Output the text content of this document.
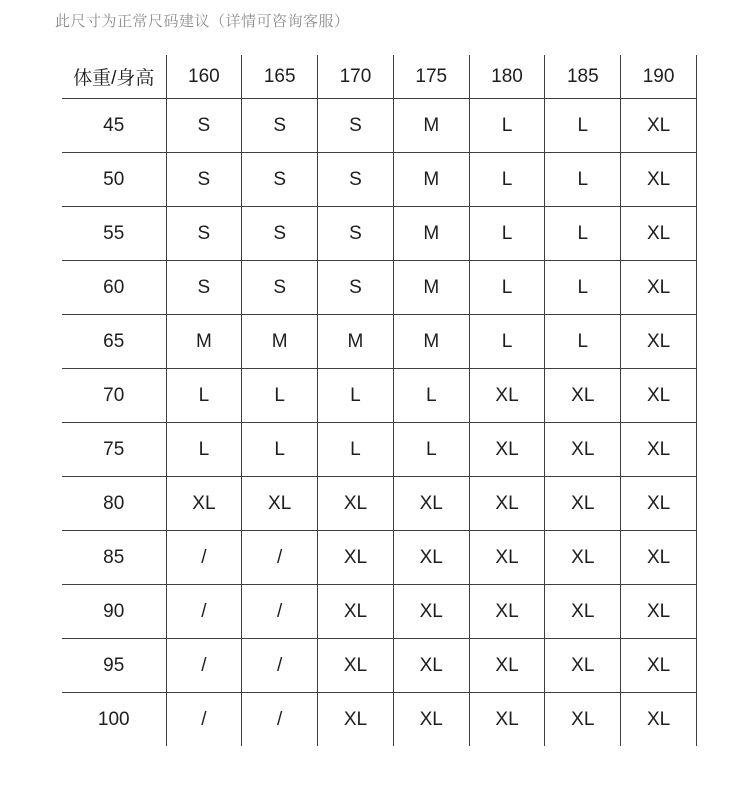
此尺寸为正常尺码建议（详情可咨询客服）
体重/身高	160	165	170	175	180	185	190
45	S	S	S	M	L	L	XL
50	S	S	S	M	L	L	XL
55	S	S	S	M	L	L	XL
60	S	S	S	M	L	L	XL
65	M	M	M	M	L	L	XL
70	L	L	L	L	XL	XL	XL
75	L	L	L	L	XL	XL	XL
80	XL	XL	XL	XL	XL	XL	XL
85	/	/	XL	XL	XL	XL	XL
90	/	/	XL	XL	XL	XL	XL
95	/	/	XL	XL	XL	XL	XL
100	/	/	XL	XL	XL	XL	XL
